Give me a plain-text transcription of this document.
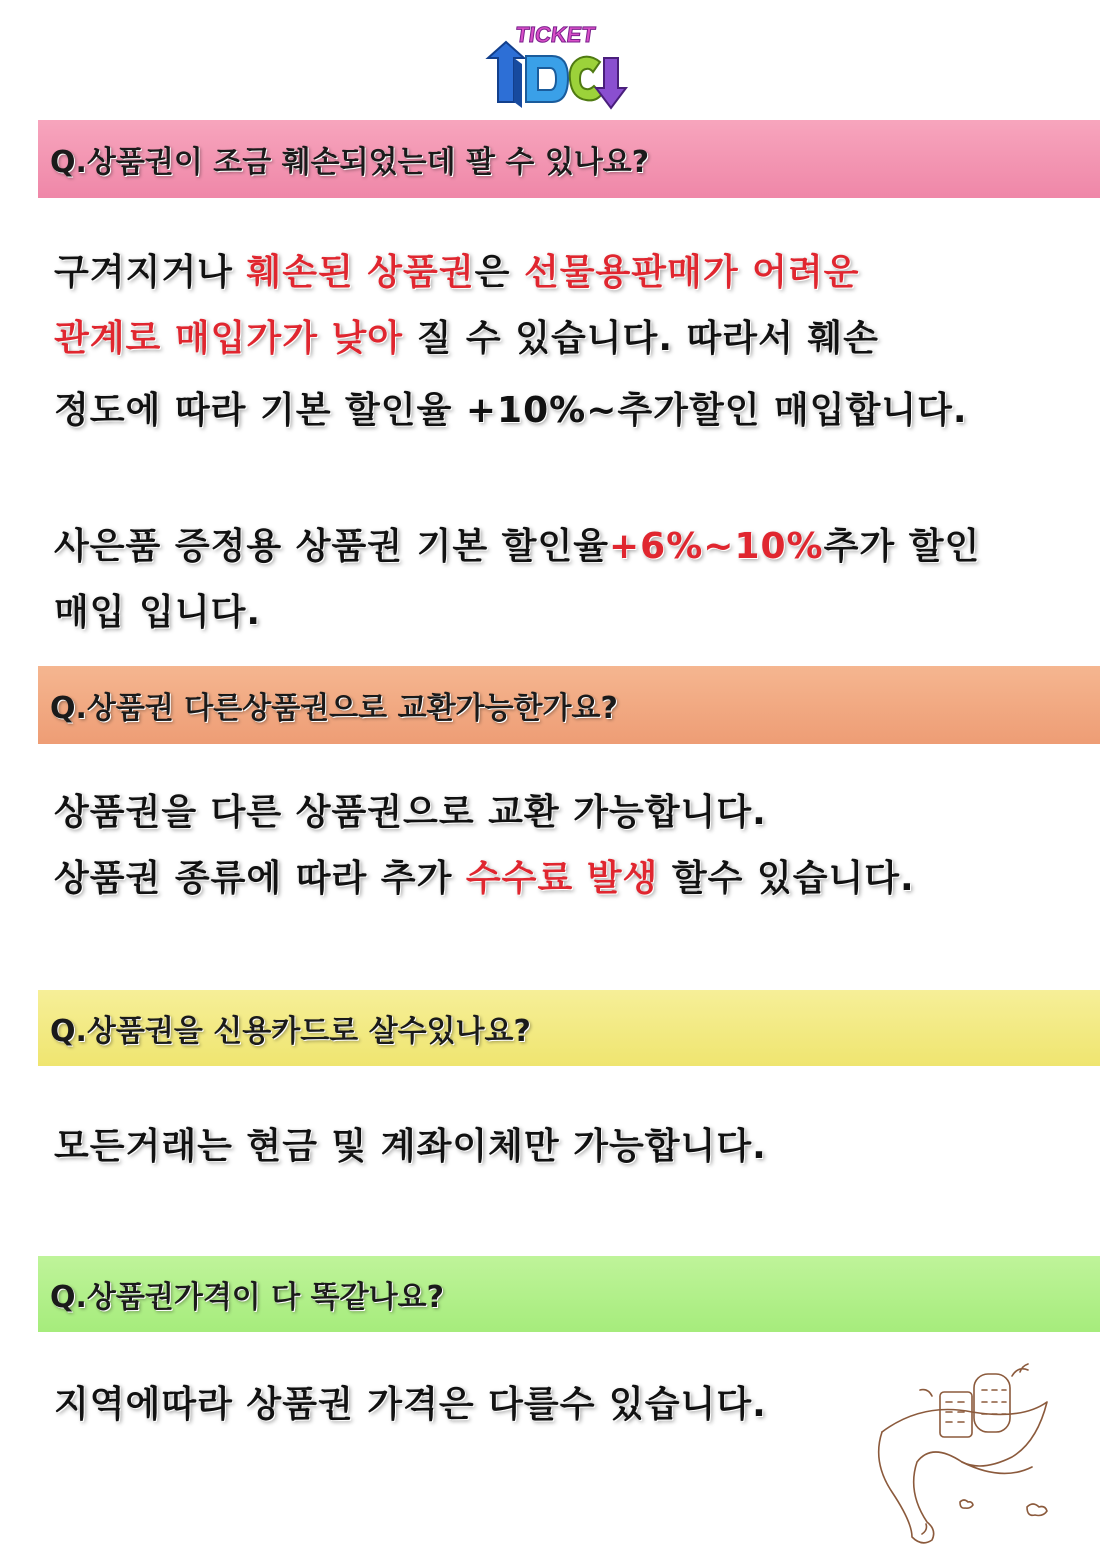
TICKET
1DC
Q.상품권이 조금 훼손되었는데 팔 수 있나요?
구겨지거나 훼손된 상품권은 선물용판매가 어려운
관계로 매입가가 낮아 질 수 있습니다. 따라서 훼손
정도에 따라 기본 할인율 +10%~추가할인 매입합니다.
사은품 증정용 상품권 기본 할인율+6%~10%추가 할인
매입 입니다.
Q.상품권 다른상품권으로 교환가능한가요?
상품권을 다른 상품권으로 교환 가능합니다.
상품권 종류에 따라 추가 수수료 발생 할수 있습니다.
Q.상품권을 신용카드로 살수있나요?
모든거래는 현금 및 계좌이체만 가능합니다.
Q.상품권가격이 다 똑같나요?
지역에따라 상품권 가격은 다를수 있습니다.
